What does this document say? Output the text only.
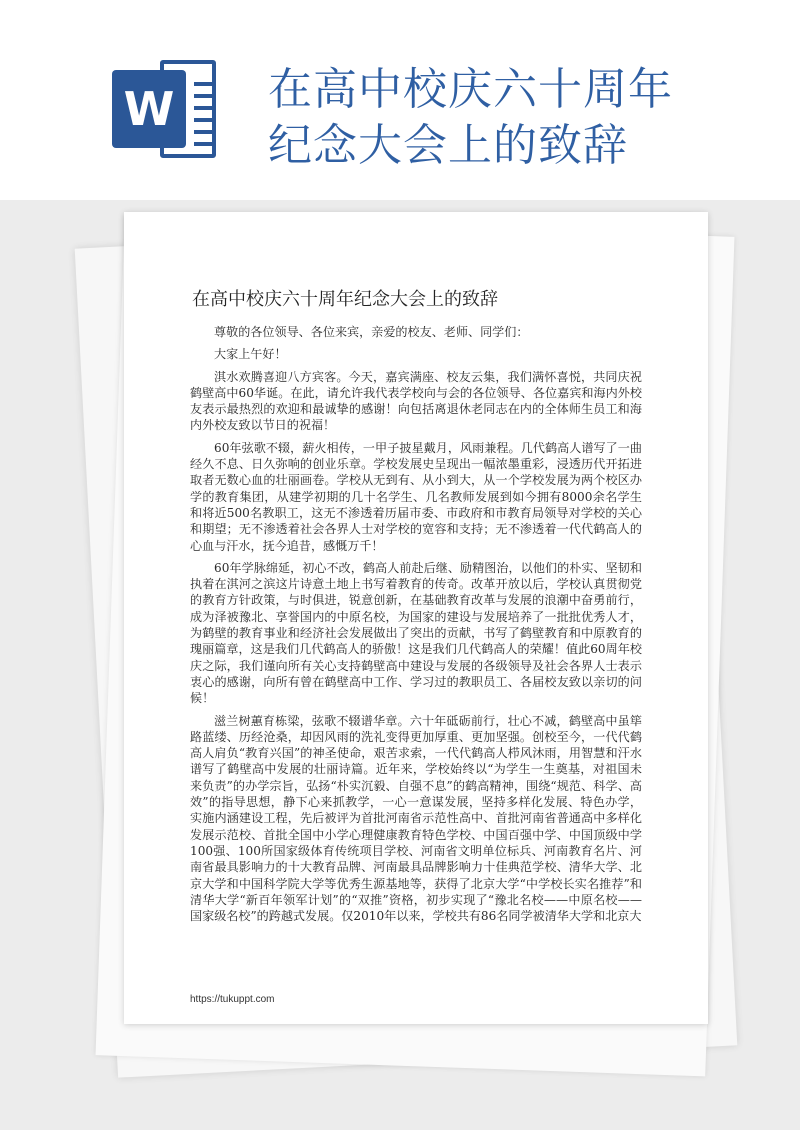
W 在高中校庆六十周年纪念大会上的致辞
在高中校庆六十周年纪念大会上的致辞

尊敬的各位领导、各位来宾，亲爱的校友、老师、同学们：

大家上午好！

淇水欢腾喜迎八方宾客。今天，嘉宾满座、校友云集，我们满怀喜悦，共同庆祝鹤壁高中60华诞。在此，请允许我代表学校向与会的各位领导、各位嘉宾和海内外校友表示最热烈的欢迎和最诚挚的感谢！向包括离退休老同志在内的全体师生员工和海内外校友致以节日的祝福！

60年弦歌不辍，薪火相传，一甲子披星戴月，风雨兼程。几代鹤高人谱写了一曲经久不息、日久弥响的创业乐章。学校发展史呈现出一幅浓墨重彩，浸透历代开拓进取者无数心血的壮丽画卷。学校从无到有、从小到大，从一个学校发展为两个校区办学的教育集团，从建学初期的几十名学生、几名教师发展到如今拥有8000余名学生和将近500名教职工，这无不渗透着历届市委、市政府和市教育局领导对学校的关心和期望；无不渗透着社会各界人士对学校的宽容和支持；无不渗透着一代代鹤高人的心血与汗水，抚今追昔，感慨万千！

60年学脉绵延，初心不改，鹤高人前赴后继、励精图治，以他们的朴实、坚韧和执着在淇河之滨这片诗意土地上书写着教育的传奇。改革开放以后，学校认真贯彻党的教育方针政策，与时俱进，锐意创新，在基础教育改革与发展的浪潮中奋勇前行，成为泽被豫北、享誉国内的中原名校，为国家的建设与发展培养了一批批优秀人才，为鹤壁的教育事业和经济社会发展做出了突出的贡献，书写了鹤壁教育和中原教育的瑰丽篇章，这是我们几代鹤高人的骄傲！这是我们几代鹤高人的荣耀！值此60周年校庆之际，我们谨向所有关心支持鹤壁高中建设与发展的各级领导及社会各界人士表示衷心的感谢，向所有曾在鹤壁高中工作、学习过的教职员工、各届校友致以亲切的问候！

滋兰树蕙育栋梁，弦歌不辍谱华章。六十年砥砺前行，壮心不减，鹤壁高中虽筚路蓝缕、历经沧桑，却因风雨的洗礼变得更加厚重、更加坚强。创校至今，一代代鹤高人肩负“教育兴国”的神圣使命，艰苦求索，一代代鹤高人栉风沐雨，用智慧和汗水谱写了鹤壁高中发展的壮丽诗篇。近年来，学校始终以“为学生一生奠基，对祖国未来负责”的办学宗旨，弘扬“朴实沉毅、自强不息”的鹤高精神，围绕“规范、科学、高效”的指导思想，静下心来抓教学，一心一意谋发展，坚持多样化发展、特色办学，实施内涵建设工程，先后被评为首批河南省示范性高中、首批河南省普通高中多样化发展示范校、首批全国中小学心理健康教育特色学校、中国百强中学、中国顶级中学100强、100所国家级体育传统项目学校、河南省文明单位标兵、河南教育名片、河南省最具影响力的十大教育品牌、河南最具品牌影响力十佳典范学校、清华大学、北京大学和中国科学院大学等优秀生源基地等，获得了北京大学“中学校长实名推荐”和清华大学“新百年领军计划”的“双推”资格，初步实现了“豫北名校——中原名校——国家级名校”的跨越式发展。仅2010年以来，学校共有86名同学被清华大学和北京大

https://tukuppt.com
